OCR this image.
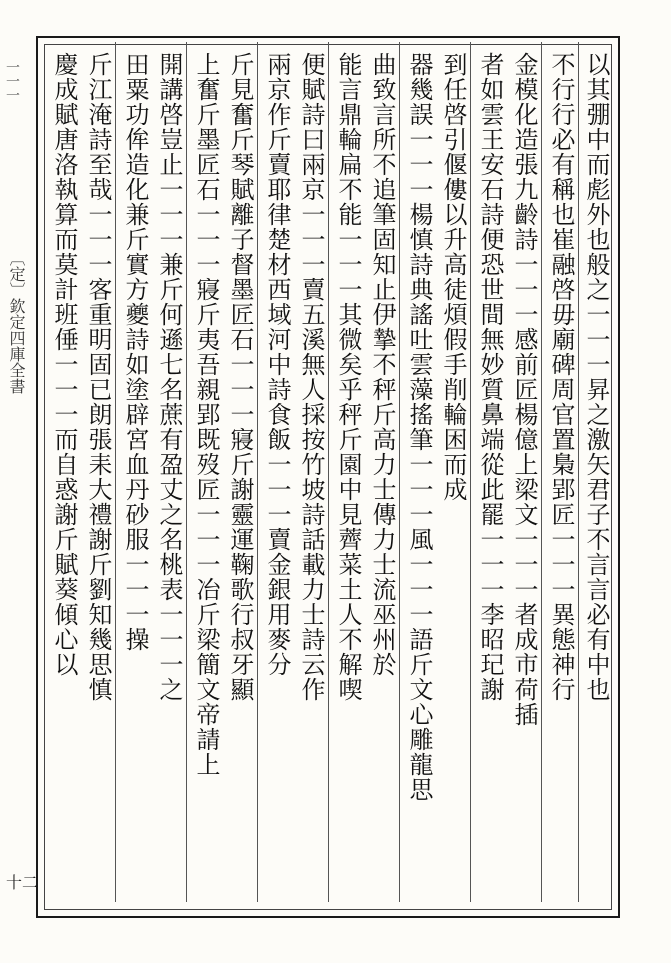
一一一
〔定〕欽定四庫全書
十二
以其弸中而彪外也般之一一一昇之激矢君子不言言必有中也
不行行必有稱也崔融啓毋廟碑周官置梟郢匠一一一異態神行
金模化造張九齡詩一一一感前匠楊億上梁文一一一者成市荷插
者如雲王安石詩便恐世間無妙質鼻端從此罷一一一李昭玘謝
到任啓引偃僂以升高徒煩假手削輪困而成
器幾誤一一一楊慎詩典謠吐雲藻搖筆一一一風一一一語斤文心雕龍思
曲致言所不追筆固知止伊摯不秤斤高力士傳力士流巫州於
能言鼎輪扁不能一一一其微矣乎秤斤園中見薺菜土人不解喫
便賦詩曰兩京一一一賣五溪無人採按竹坡詩話載力士詩云作
兩京作斤賣耶律楚材西域河中詩食飯一一一賣金銀用麥分
斤見奮斤琴賦離子督墨匠石一一一寢斤謝靈運鞠歌行叔牙顯
上奮斤墨匠石一一一寢斤夷吾親郢既歿匠一一一冶斤梁簡文帝請上
開講啓豈止一一一兼斤何遜七名蔗有盈丈之名桃表一一一之
田粟功侔造化兼斤實方夔詩如塗辟宮血丹砂服一一一操
斤江淹詩至哉一一一客重明固已朗張耒大禮謝斤劉知幾思慎
慶成賦唐洛執算而莫計班倕一一一而自惑謝斤賦葵傾心以
